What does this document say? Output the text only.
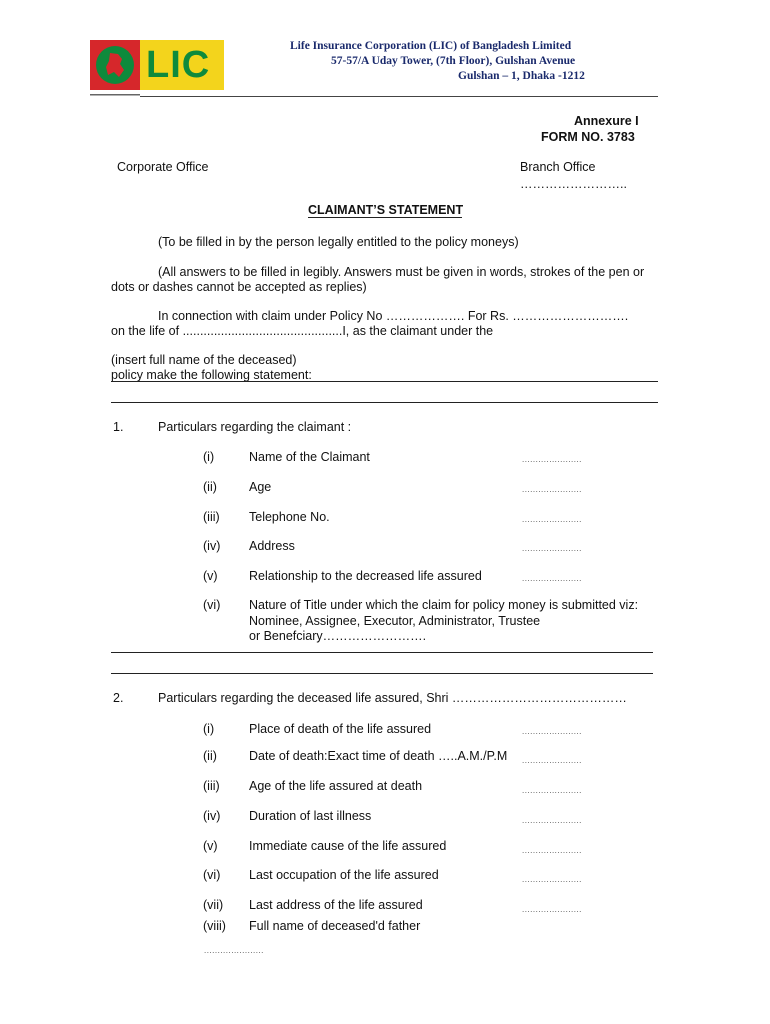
LIC	Life Insurance Corporation (LIC) of Bangladesh Limited
57-57/A Uday Tower, (7th Floor), Gulshan Avenue
Gulshan – 1, Dhaka -1212
Annexure I
FORM NO. 3783
Corporate Office	Branch Office
……………………..
CLAIMANT’S STATEMENT
(To be filled in by the person legally entitled to the policy moneys)
(All answers to be filled in legibly. Answers must be given in words, strokes of the pen or
dots or dashes cannot be accepted as replies)
In connection with claim under Policy No ………………. For Rs. ……………………….
on the life of ..............................................I, as the claimant under the
(insert full name of the deceased)
policy make the following statement:
1.	Particulars regarding the claimant :
(i)	Name of the Claimant	......................
(ii)	Age	......................
(iii) Telephone No.	......................
(iv) Address	......................
(v)	Relationship to the decreased life assured	......................
(vi) Nature of Title under which the claim for policy money is submitted viz:
Nominee, Assignee, Executor, Administrator, Trustee
or Benefciary…………………….
2.	Particulars regarding the deceased life assured, Shri ……………………………………
(i)	Place of death of the life assured	......................
(ii)	Date of death:Exact time of death …..A.M./P.M ......................
(iii) Age of the life assured at death	......................
(iv) Duration of last illness	......................
(v)	Immediate cause of the life assured	......................
(vi) Last occupation of the life assured	......................
(vii) Last address of the life assured	......................
(viii) Full name of deceased'd father
......................
